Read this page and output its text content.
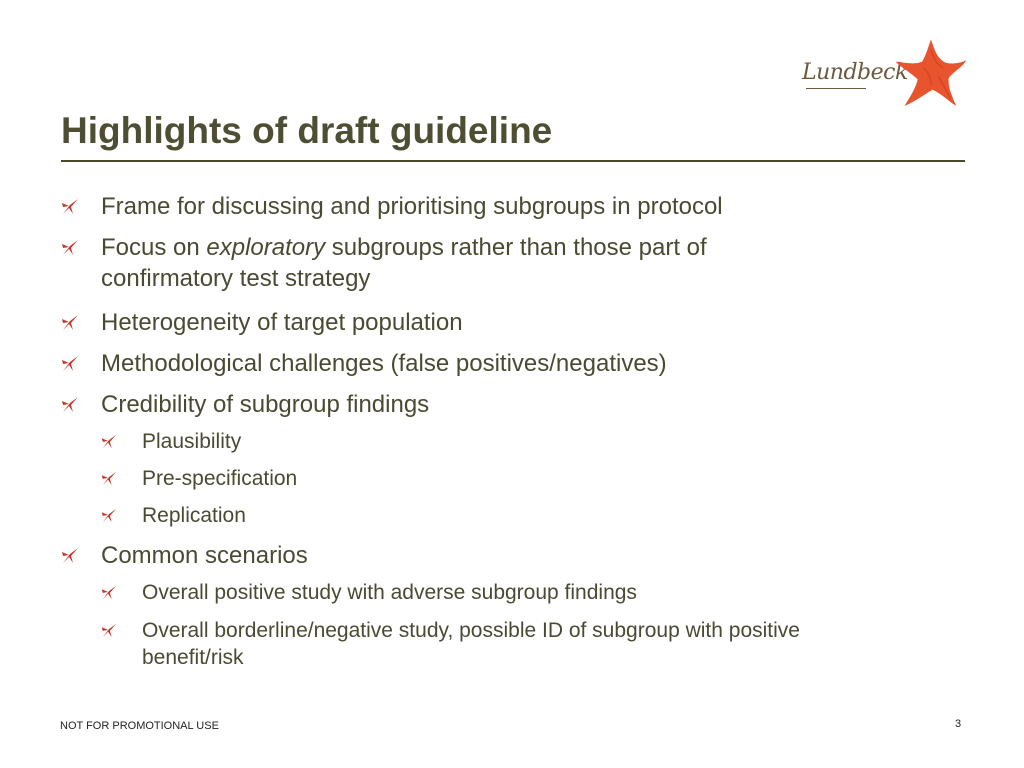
Lundbeck
Highlights of draft guideline
Frame for discussing and prioritising subgroups in protocol
Focus on exploratory subgroups rather than those part of
confirmatory test strategy
Heterogeneity of target population
Methodological challenges (false positives/negatives)
Credibility of subgroup findings
Plausibility
Pre-specification
Replication
Common scenarios
Overall positive study with adverse subgroup findings
Overall borderline/negative study, possible ID of subgroup with positive
benefit/risk
NOT FOR PROMOTIONAL USE	3
